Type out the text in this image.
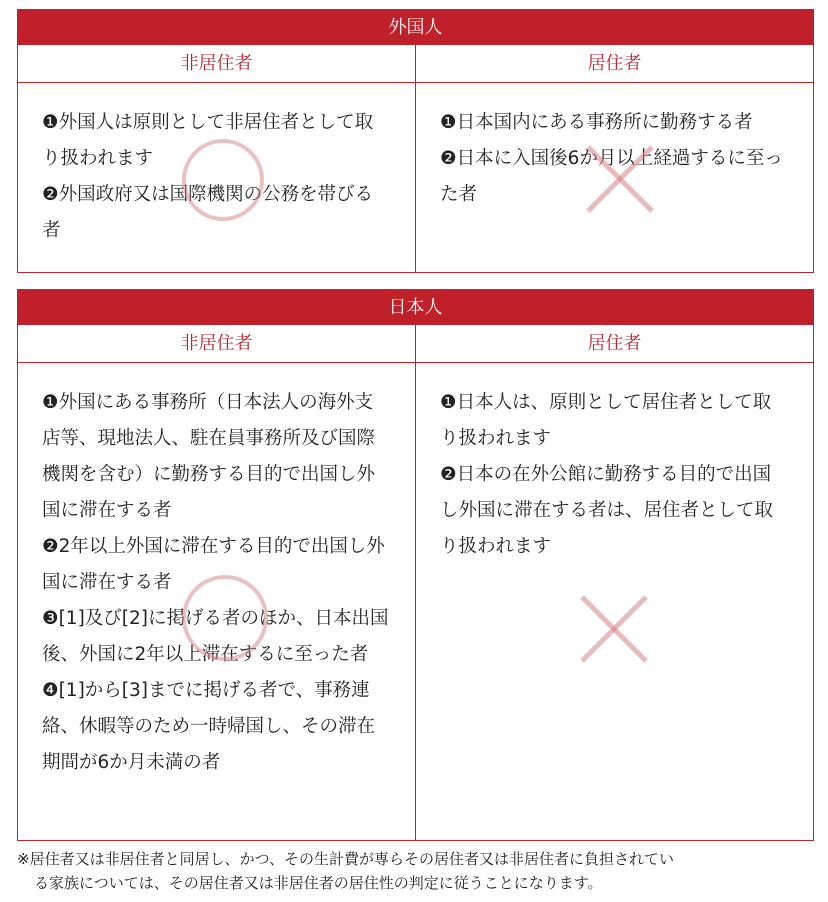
外国人
非居住者	居住者

❶外国人は原則として非居住者として取り扱われます

❷外国政府又は国際機関の公務を帯びる者

❶日本国内にある事務所に勤務する者

❷日本に入国後6か月以上経過するに至った者

日本人
非居住者	居住者

❶外国にある事務所（日本法人の海外支店等、現地法人、駐在員事務所及び国際機関を含む）に勤務する目的で出国し外国に滞在する者

❷2年以上外国に滞在する目的で出国し外国に滞在する者

❸[1]及び[2]に掲げる者のほか、日本出国後、外国に2年以上滞在するに至った者

❹[1]から[3]までに掲げる者で、事務連絡、休暇等のため一時帰国し、その滞在期間が6か月未満の者

❶日本人は、原則として居住者として取り扱われます

❷日本の在外公館に勤務する目的で出国し外国に滞在する者は、居住者として取り扱われます

※居住者又は非居住者と同居し、かつ、その生計費が専らその居住者又は非居住者に負担されてい
る家族については、その居住者又は非居住者の居住性の判定に従うことになります。
